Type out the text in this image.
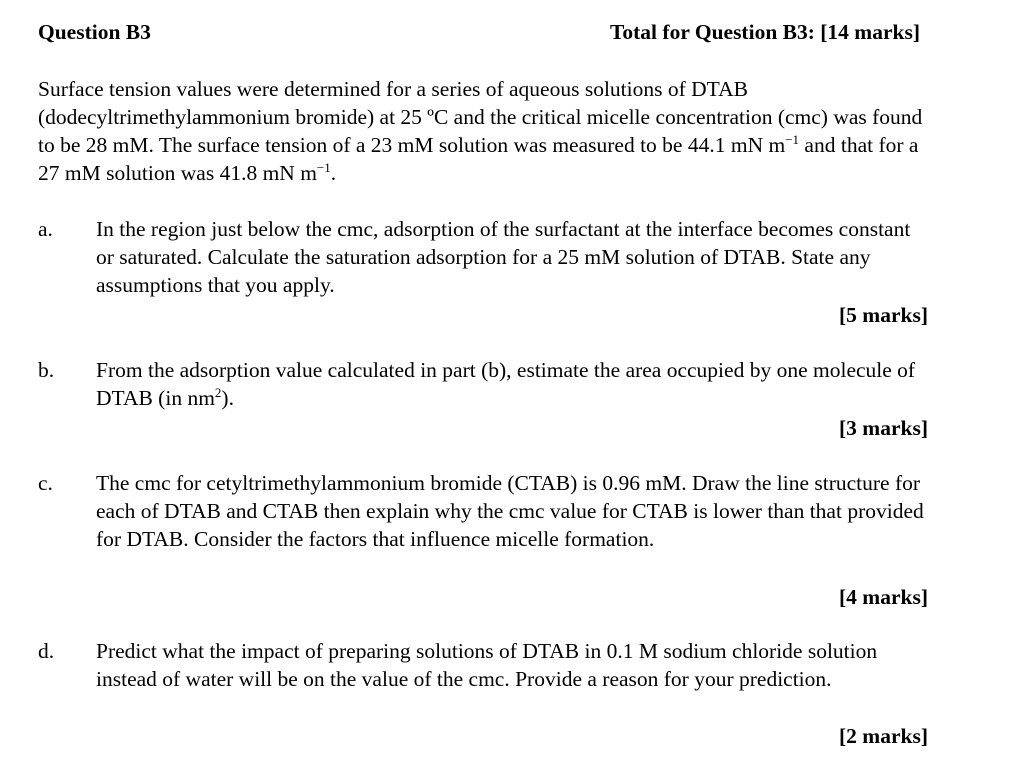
Question B3	Total for Question B3: [14 marks]
Surface tension values were determined for a series of aqueous solutions of DTAB (dodecyltrimethylammonium bromide) at 25 ºC and the critical micelle concentration (cmc) was found to be 28 mM. The surface tension of a 23 mM solution was measured to be 44.1 mN $m^{-1}$ and that for a 27 mM solution was 41.8 mN $m^{-1}$.
a.	In the region just below the cmc, adsorption of the surfactant at the interface becomes constant or saturated. Calculate the saturation adsorption for a 25 mM solution of DTAB. State any assumptions that you apply.
[5 marks]
b.	From the adsorption value calculated in part (b), estimate the area occupied by one molecule of DTAB (in $nm^2$).
[3 marks]
c.	The cmc for cetyltrimethylammonium bromide (CTAB) is 0.96 mM. Draw the line structure for each of DTAB and CTAB then explain why the cmc value for CTAB is lower than that provided for DTAB. Consider the factors that influence micelle formation.
[4 marks]
d.	Predict what the impact of preparing solutions of DTAB in 0.1 M sodium chloride solution instead of water will be on the value of the cmc. Provide a reason for your prediction.
[2 marks]
